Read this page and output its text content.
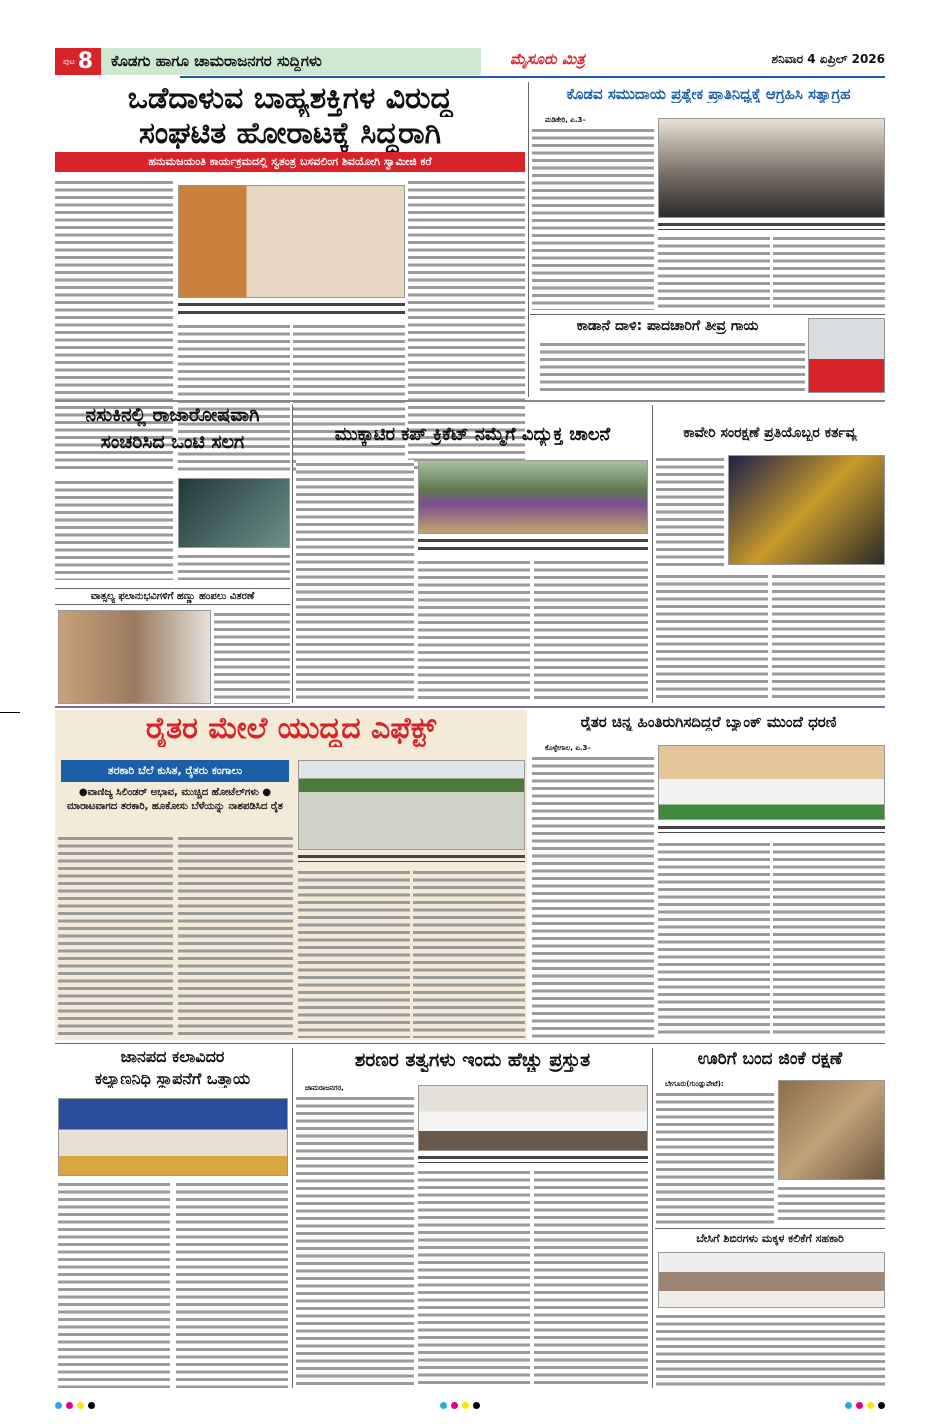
ಪುಟ 8	ಕೊಡಗು ಹಾಗೂ ಚಾಮರಾಜನಗರ ಸುದ್ದಿಗಳು	ಮೈಸೂರು ಮಿತ್ರ	ಶನಿವಾರ 4 ಏಪ್ರಿಲ್ 2026
ಒಡೆದಾಳುವ ಬಾಹ್ಯಶಕ್ತಿಗಳ ವಿರುದ್ಧ
ಸಂಘಟಿತ ಹೋರಾಟಕ್ಕೆ ಸಿದ್ಧರಾಗಿ
ಹನುಮಜಯಂತಿ ಕಾರ್ಯಕ್ರಮದಲ್ಲಿ ಸ್ವತಂತ್ರ ಬಸವಲಿಂಗ ಶಿವಯೋಗಿ ಸ್ವಾಮೀಜಿ ಕರೆ
ಕೊಡವ ಸಮುದಾಯ ಪ್ರತ್ಯೇಕ ಪ್ರಾತಿನಿಧ್ಯಕ್ಕೆ ಆಗ್ರಹಿಸಿ ಸತ್ಯಾಗ್ರಹ
ಮಡಿಕೇರಿ, ಏ.3–
ಕಾಡಾನೆ ದಾಳಿ: ಪಾದಚಾರಿಗೆ ತೀವ್ರ ಗಾಯ
ನಸುಕಿನಲ್ಲಿ ರಾಜಾರೋಷವಾಗಿ
ಸಂಚರಿಸಿದ ಒಂಟಿ ಸಲಗ
ವಾತ್ಸಲ್ಯ ಫಲಾನುಭವಿಗಳಿಗೆ ಹಣ್ಣು ಹಂಪಲು ವಿತರಣೆ
ಮುಕ್ಕಾಟಿರ ಕಪ್ ಕ್ರಿಕೆಟ್ ನಮ್ಮೆಗೆ ವಿದ್ಯುಕ್ತ ಚಾಲನೆ	ಕಾವೇರಿ ಸಂರಕ್ಷಣೆ ಪ್ರತಿಯೊಬ್ಬರ ಕರ್ತವ್ಯ
ರೈತರ ಮೇಲೆ ಯುದ್ಧದ ಎಫೆಕ್ಟ್
ತರಕಾರಿ ಬೆಲೆ ಕುಸಿತ, ರೈತರು ಕಂಗಾಲು
●ವಾಣಿಜ್ಯ ಸಿಲಿಂಡರ್ ಅಭಾವ, ಮುಚ್ಚಿದ ಹೋಟೆಲ್‌ಗಳು ● ಮಾರಾಟವಾಗದ ತರಕಾರಿ, ಹೂಕೋಸು ಬೆಳೆಯನ್ನು ನಾಶಪಡಿಸಿದ ರೈತ
ರೈತರ ಚಿನ್ನ ಹಿಂತಿರುಗಿಸದಿದ್ದರೆ ಬ್ಯಾಂಕ್ ಮುಂದೆ ಧರಣಿ
ಕೊಳ್ಳೇಗಾಲ, ಏ.3–
ಜಾನಪದ ಕಲಾವಿದರ
ಕಲ್ಯಾಣನಿಧಿ ಸ್ಥಾಪನೆಗೆ ಒತ್ತಾಯ
ಶರಣರ ತತ್ವಗಳು ಇಂದು ಹೆಚ್ಚು ಪ್ರಸ್ತುತ
ಚಾಮರಾಜನಗರ,
ಊರಿಗೆ ಬಂದ ಜಿಂಕೆ ರಕ್ಷಣೆ
ಬೇಗೂರು(ಗುಂಡ್ಲುಪೇಟೆ):
ಬೇಸಿಗೆ ಶಿಬಿರಗಳು ಮಕ್ಕಳ ಕಲಿಕೆಗೆ ಸಹಕಾರಿ
